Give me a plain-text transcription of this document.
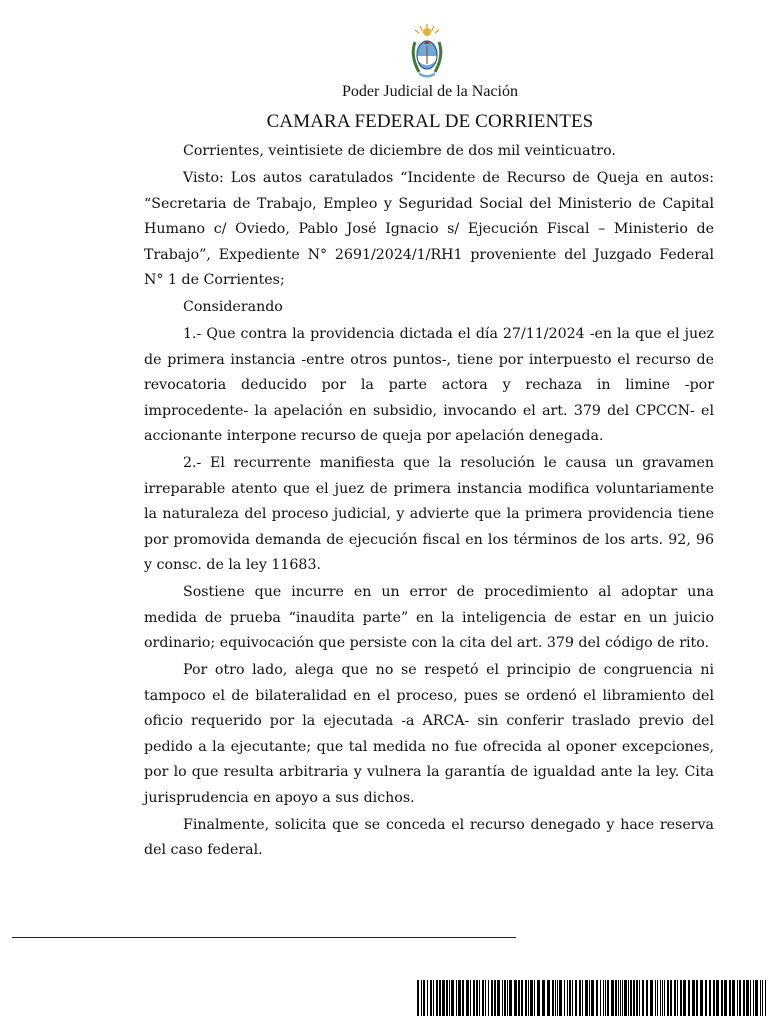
Poder Judicial de la Nación
CAMARA FEDERAL DE CORRIENTES

Corrientes, veintisiete de diciembre de dos mil veinticuatro.

Visto: Los autos caratulados “Incidente de Recurso de Queja en autos: “Secretaria de Trabajo, Empleo y Seguridad Social del Ministerio de Capital Humano c/ Oviedo, Pablo José Ignacio s/ Ejecución Fiscal – Ministerio de Trabajo”, Expediente N° 2691/2024/1/RH1 proveniente del Juzgado Federal N° 1 de Corrientes;

Considerando

1.- Que contra la providencia dictada el día 27/11/2024 -en la que el juez de primera instancia -entre otros puntos-, tiene por interpuesto el recurso de revocatoria deducido por la parte actora y rechaza in limine -por improcedente- la apelación en subsidio, invocando el art. 379 del CPCCN- el accionante interpone recurso de queja por apelación denegada.

2.- El recurrente manifiesta que la resolución le causa un gravamen irreparable atento que el juez de primera instancia modifica voluntariamente la naturaleza del proceso judicial, y advierte que la primera providencia tiene por promovida demanda de ejecución fiscal en los términos de los arts. 92, 96 y consc. de la ley 11683.

Sostiene que incurre en un error de procedimiento al adoptar una medida de prueba “inaudita parte” en la inteligencia de estar en un juicio ordinario; equivocación que persiste con la cita del art. 379 del código de rito.

Por otro lado, alega que no se respetó el principio de congruencia ni tampoco el de bilateralidad en el proceso, pues se ordenó el libramiento del oficio requerido por la ejecutada -a ARCA- sin conferir traslado previo del pedido a la ejecutante; que tal medida no fue ofrecida al oponer excepciones, por lo que resulta arbitraria y vulnera la garantía de igualdad ante la ley. Cita jurisprudencia en apoyo a sus dichos.

Finalmente, solicita que se conceda el recurso denegado y hace reserva del caso federal.
